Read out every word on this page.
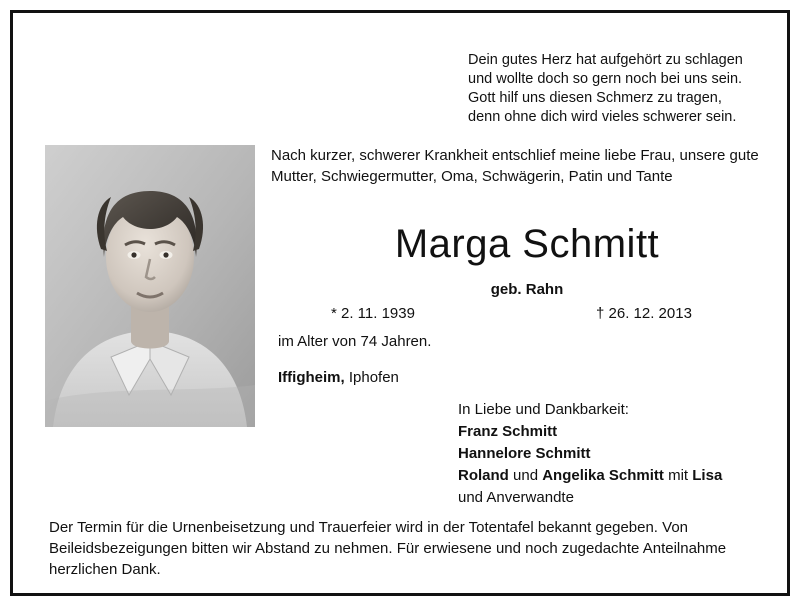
Dein gutes Herz hat aufgehört zu schlagen
und wollte doch so gern noch bei uns sein.
Gott hilf uns diesen Schmerz zu tragen,
denn ohne dich wird vieles schwerer sein.
Nach kurzer, schwerer Krankheit entschlief meine liebe Frau, unsere gute Mutter, Schwiegermutter, Oma, Schwägerin, Patin und Tante
Marga Schmitt
geb. Rahn
* 2. 11. 1939	† 26. 12. 2013
im Alter von 74 Jahren.
Iffigheim, Iphofen
In Liebe und Dankbarkeit:
Franz Schmitt
Hannelore Schmitt
Roland und Angelika Schmitt mit Lisa
und Anverwandte
Der Termin für die Urnenbeisetzung und Trauerfeier wird in der Totentafel bekannt gegeben. Von Beileidsbezeigungen bitten wir Abstand zu nehmen. Für erwiesene und noch zugedachte Anteilnahme herzlichen Dank.
